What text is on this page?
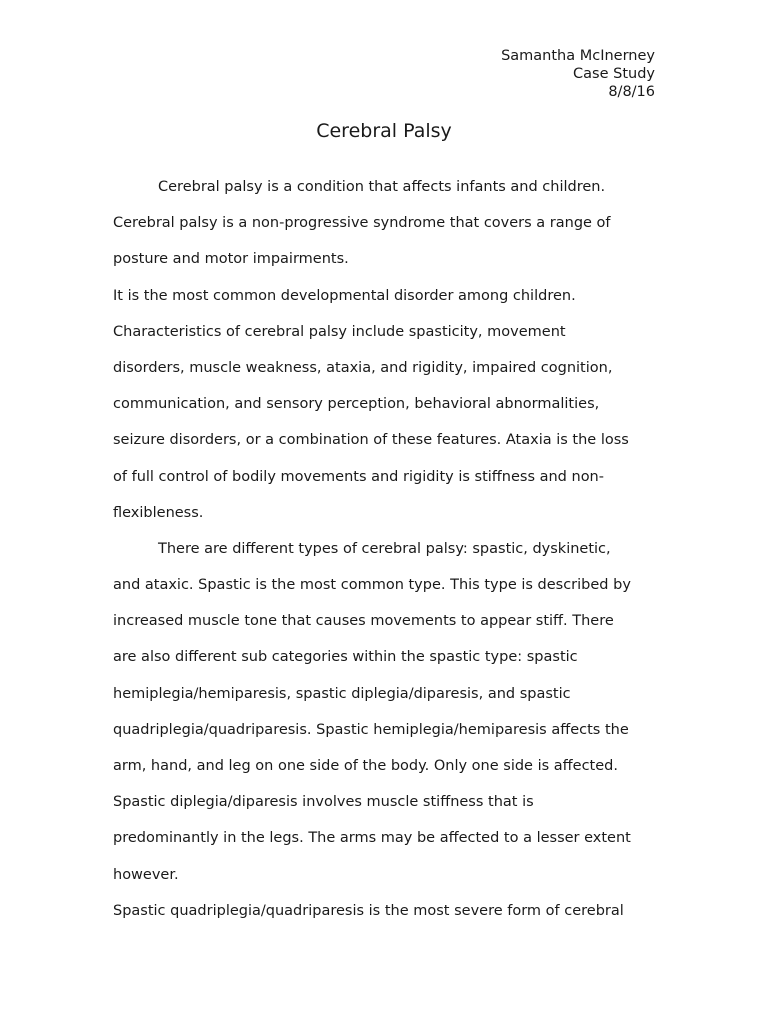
Samantha McInerney
Case Study
8/8/16
Cerebral Palsy
Cerebral palsy is a condition that affects infants and children.
Cerebral palsy is a non-progressive syndrome that covers a range of
posture and motor impairments.
It is the most common developmental disorder among children.
Characteristics of cerebral palsy include spasticity, movement
disorders, muscle weakness, ataxia, and rigidity, impaired cognition,
communication, and sensory perception, behavioral abnormalities,
seizure disorders, or a combination of these features. Ataxia is the loss
of full control of bodily movements and rigidity is stiffness and non-
flexibleness.
There are different types of cerebral palsy: spastic, dyskinetic,
and ataxic. Spastic is the most common type. This type is described by
increased muscle tone that causes movements to appear stiff. There
are also different sub categories within the spastic type: spastic
hemiplegia/hemiparesis, spastic diplegia/diparesis, and spastic
quadriplegia/quadriparesis. Spastic hemiplegia/hemiparesis affects the
arm, hand, and leg on one side of the body. Only one side is affected.
Spastic diplegia/diparesis involves muscle stiffness that is
predominantly in the legs. The arms may be affected to a lesser extent
however.
Spastic quadriplegia/quadriparesis is the most severe form of cerebral
